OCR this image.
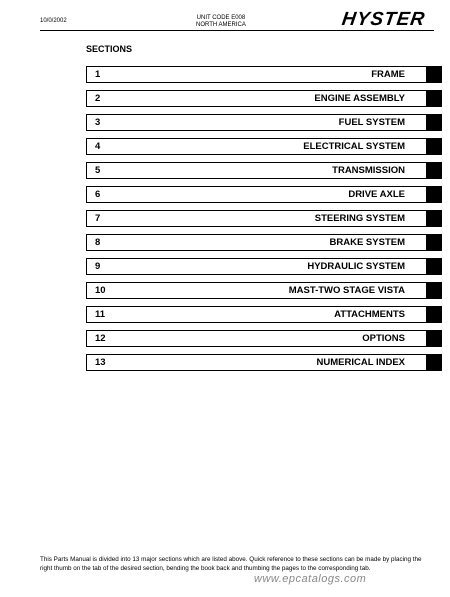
10/0/2002	UNIT CODE E008
NORTH AMERICA	HYSTER
SECTIONS
1	FRAME
2	ENGINE ASSEMBLY
3	FUEL SYSTEM
4	ELECTRICAL SYSTEM
5	TRANSMISSION
6	DRIVE AXLE
7	STEERING SYSTEM
8	BRAKE SYSTEM
9	HYDRAULIC SYSTEM
10	MAST-TWO STAGE VISTA
11	ATTACHMENTS
12	OPTIONS
13	NUMERICAL INDEX
This Parts Manual is divided into 13 major sections which are listed above. Quick reference to these sections can be made by placing the right thumb on the tab of the desired section, bending the book back and thumbing the pages to the corresponding tab.
www.epcatalogs.com
